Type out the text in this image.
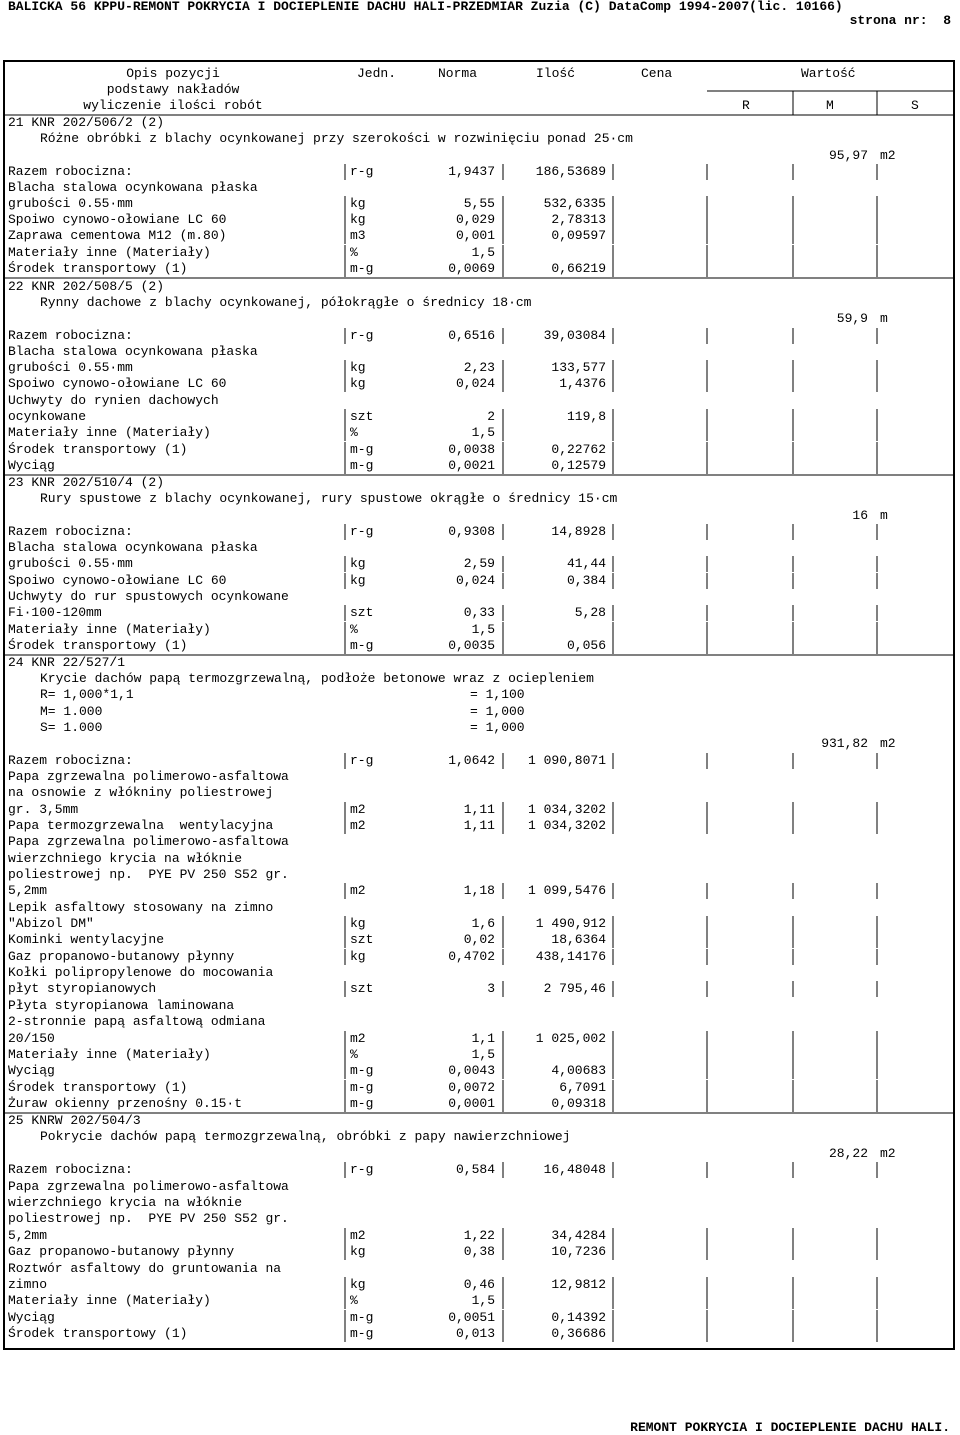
BALICKA 56 KPPU-REMONT POKRYCIA I DOCIEPLENIE DACHU HALI-PRZEDMIAR Zuzia (C) DataComp 1994-2007(lic. 10166)
strona nr: 8
Opis pozycji
podstawy nakładów
wyliczenie ilości robót
Jedn.	Norma	Ilość	Cena	Wartość
R	M	S
21 KNR 202/506/2 (2)
Różne obróbki z blachy ocynkowanej przy szerokości w rozwinięciu ponad 25·cm
95,97 m2
Razem robocizna:	r-g	1,9437	186,53689
Blacha stalowa ocynkowana płaska
grubości 0.55·mm	kg	5,55	532,6335
Spoiwo cynowo-ołowiane LC 60	kg	0,029	2,78313
Zaprawa cementowa M12 (m.80)	m3	0,001	0,09597
Materiały inne (Materiały)	%	1,5
Środek transportowy (1)	m-g	0,0069	0,66219
22 KNR 202/508/5 (2)
Rynny dachowe z blachy ocynkowanej, półokrągłe o średnicy 18·cm
59,9 m
Razem robocizna:	r-g	0,6516	39,03084
Blacha stalowa ocynkowana płaska
grubości 0.55·mm	kg	2,23	133,577
Spoiwo cynowo-ołowiane LC 60	kg	0,024	1,4376
Uchwyty do rynien dachowych
ocynkowane	szt	2	119,8
Materiały inne (Materiały)	%	1,5
Środek transportowy (1)	m-g	0,0038	0,22762
Wyciąg	m-g	0,0021	0,12579
23 KNR 202/510/4 (2)
Rury spustowe z blachy ocynkowanej, rury spustowe okrągłe o średnicy 15·cm
16 m
Razem robocizna:	r-g	0,9308	14,8928
Blacha stalowa ocynkowana płaska
grubości 0.55·mm	kg	2,59	41,44
Spoiwo cynowo-ołowiane LC 60	kg	0,024	0,384
Uchwyty do rur spustowych ocynkowane
Fi·100-120mm	szt	0,33	5,28
Materiały inne (Materiały)	%	1,5
Środek transportowy (1)	m-g	0,0035	0,056
24 KNR 22/527/1
Krycie dachów papą termozgrzewalną, podłoże betonowe wraz z ociepleniem
R= 1,000*1,1	= 1,100
M= 1.000	= 1,000
S= 1.000	= 1,000
931,82 m2
Razem robocizna:	r-g	1,0642	1 090,8071
Papa zgrzewalna polimerowo-asfaltowa
na osnowie z włókniny poliestrowej
gr. 3,5mm	m2	1,11	1 034,3202
Papa termozgrzewalna  wentylacyjna	m2	1,11	1 034,3202
Papa zgrzewalna polimerowo-asfaltowa
wierzchniego krycia na włóknie
poliestrowej np.  PYE PV 250 S52 gr.
5,2mm	m2	1,18	1 099,5476
Lepik asfaltowy stosowany na zimno
"Abizol DM"	kg	1,6	1 490,912
Kominki wentylacyjne	szt	0,02	18,6364
Gaz propanowo-butanowy płynny	kg	0,4702	438,14176
Kołki polipropylenowe do mocowania
płyt styropianowych	szt	3	2 795,46
Płyta styropianowa laminowana
2-stronnie papą asfaltową odmiana
20/150	m2	1,1	1 025,002
Materiały inne (Materiały)	%	1,5
Wyciąg	m-g	0,0043	4,00683
Środek transportowy (1)	m-g	0,0072	6,7091
Żuraw okienny przenośny 0.15·t	m-g	0,0001	0,09318
25 KNRW 202/504/3
Pokrycie dachów papą termozgrzewalną, obróbki z papy nawierzchniowej
28,22 m2
Razem robocizna:	r-g	0,584	16,48048
Papa zgrzewalna polimerowo-asfaltowa
wierzchniego krycia na włóknie
poliestrowej np.  PYE PV 250 S52 gr.
5,2mm	m2	1,22	34,4284
Gaz propanowo-butanowy płynny	kg	0,38	10,7236
Roztwór asfaltowy do gruntowania na
zimno	kg	0,46	12,9812
Materiały inne (Materiały)	%	1,5
Wyciąg	m-g	0,0051	0,14392
Środek transportowy (1)	m-g	0,013	0,36686
REMONT POKRYCIA I DOCIEPLENIE DACHU HALI.
